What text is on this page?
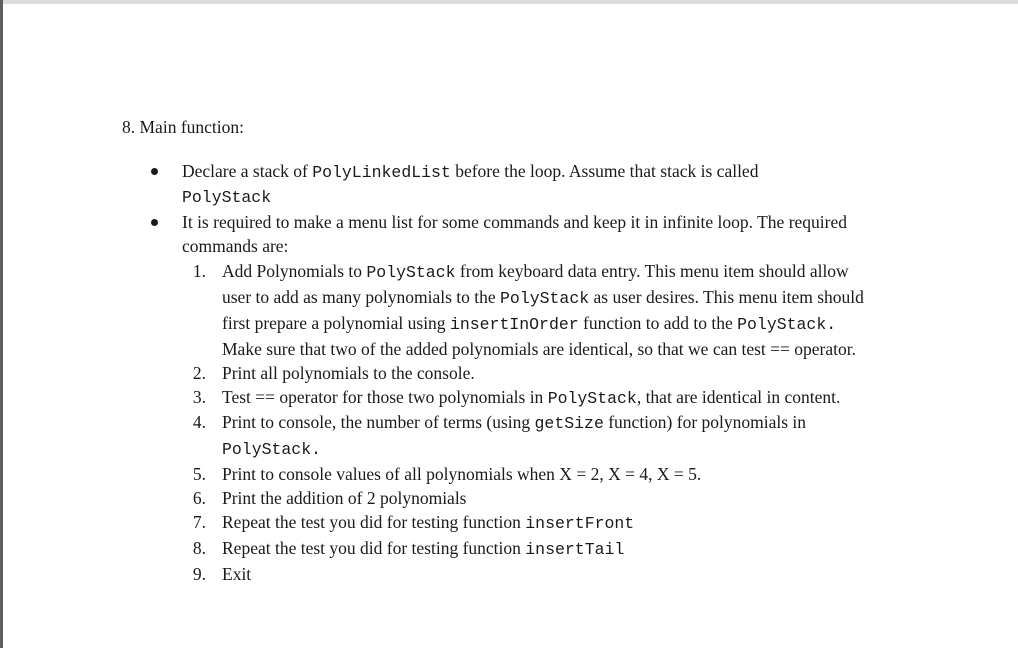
8. Main function:
Declare a stack of PolyLinkedList before the loop. Assume that stack is called
PolyStack
It is required to make a menu list for some commands and keep it in infinite loop. The required
commands are:
1. Add Polynomials to PolyStack from keyboard data entry. This menu item should allow
user to add as many polynomials to the PolyStack as user desires. This menu item should
first prepare a polynomial using insertInOrder function to add to the PolyStack.
Make sure that two of the added polynomials are identical, so that we can test == operator.
2. Print all polynomials to the console.
3. Test == operator for those two polynomials in PolyStack, that are identical in content.
4. Print to console, the number of terms (using getSize function) for polynomials in
PolyStack.
5. Print to console values of all polynomials when X = 2, X = 4, X = 5.
6. Print the addition of 2 polynomials
7. Repeat the test you did for testing function insertFront
8. Repeat the test you did for testing function insertTail
9. Exit
